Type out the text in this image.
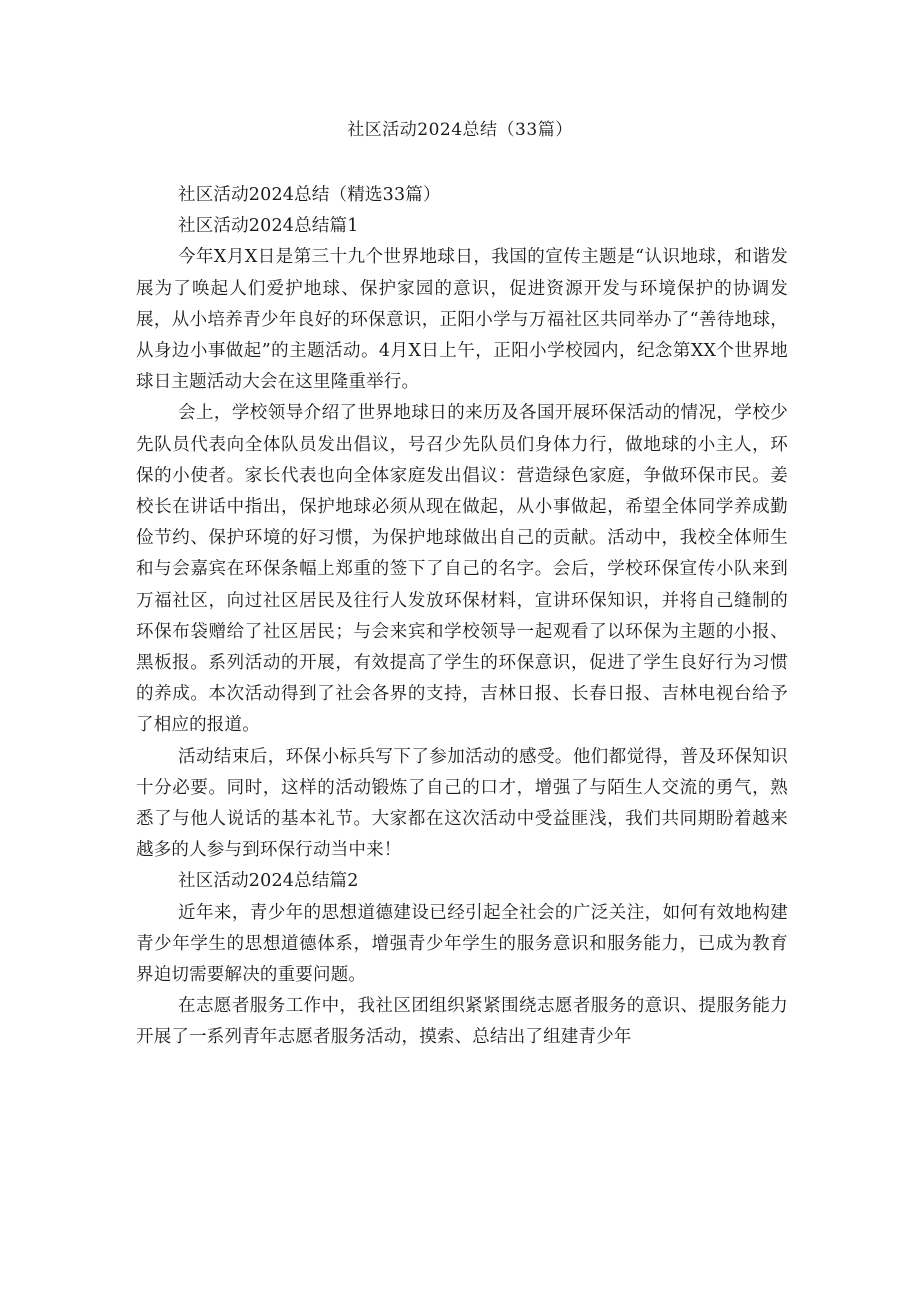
社区活动2024总结（33篇）

社区活动2024总结（精选33篇）

社区活动2024总结篇1

今年X月X日是第三十九个世界地球日，我国的宣传主题是“认识地球，和谐发展为了唤起人们爱护地球、保护家园的意识，促进资源开发与环境保护的协调发展，从小培养青少年良好的环保意识，正阳小学与万福社区共同举办了“善待地球，从身边小事做起”的主题活动。4月X日上午，正阳小学校园内，纪念第XX个世界地球日主题活动大会在这里隆重举行。

会上，学校领导介绍了世界地球日的来历及各国开展环保活动的情况，学校少先队员代表向全体队员发出倡议，号召少先队员们身体力行，做地球的小主人，环保的小使者。家长代表也向全体家庭发出倡议：营造绿色家庭，争做环保市民。姜校长在讲话中指出，保护地球必须从现在做起，从小事做起，希望全体同学养成勤俭节约、保护环境的好习惯，为保护地球做出自己的贡献。活动中，我校全体师生和与会嘉宾在环保条幅上郑重的签下了自己的名字。会后，学校环保宣传小队来到万福社区，向过社区居民及往行人发放环保材料，宣讲环保知识，并将自己缝制的环保布袋赠给了社区居民；与会来宾和学校领导一起观看了以环保为主题的小报、黑板报。系列活动的开展，有效提高了学生的环保意识，促进了学生良好行为习惯的养成。本次活动得到了社会各界的支持，吉林日报、长春日报、吉林电视台给予了相应的报道。

活动结束后，环保小标兵写下了参加活动的感受。他们都觉得，普及环保知识十分必要。同时，这样的活动锻炼了自己的口才，增强了与陌生人交流的勇气，熟悉了与他人说话的基本礼节。大家都在这次活动中受益匪浅，我们共同期盼着越来越多的人参与到环保行动当中来！

社区活动2024总结篇2

近年来，青少年的思想道德建设已经引起全社会的广泛关注，如何有效地构建青少年学生的思想道德体系，增强青少年学生的服务意识和服务能力，已成为教育界迫切需要解决的重要问题。

在志愿者服务工作中，我社区团组织紧紧围绕志愿者服务的意识、提服务能力开展了一系列青年志愿者服务活动，摸索、总结出了组建青少年
